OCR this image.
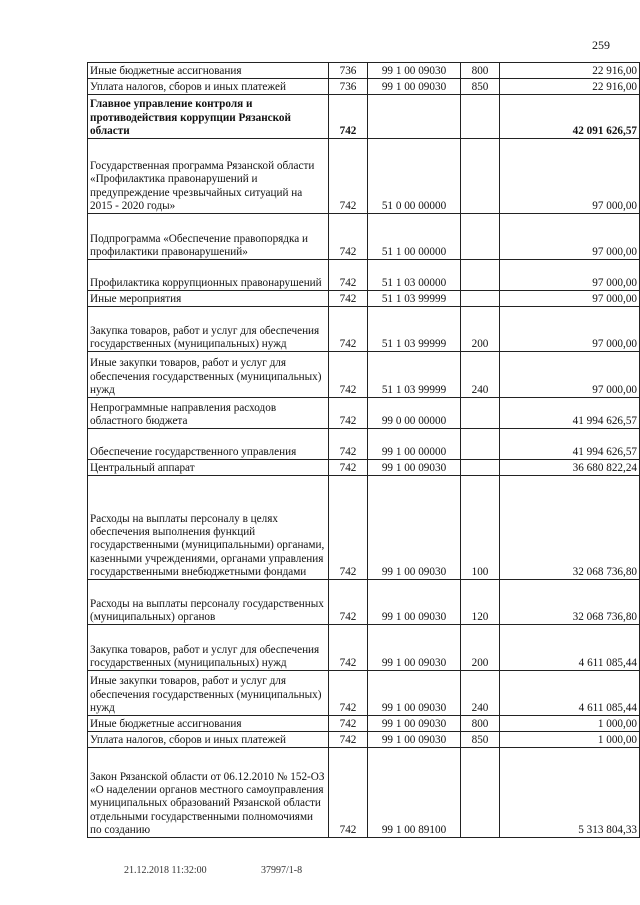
259
Иные бюджетные ассигнования	736	99 1 00 09030	800	22 916,00
Уплата налогов, сборов и иных платежей	736	99 1 00 09030	850	22 916,00
Главное управление контроля и противодействия коррупции Рязанской области	742			42 091 626,57
Государственная программа Рязанской области «Профилактика правонарушений и предупреждение чрезвычайных ситуаций на 2015 - 2020 годы»	742	51 0 00 00000		97 000,00
Подпрограмма «Обеспечение правопорядка и профилактики правонарушений»	742	51 1 00 00000		97 000,00
Профилактика коррупционных правонарушений	742	51 1 03 00000		97 000,00
Иные мероприятия	742	51 1 03 99999		97 000,00
Закупка товаров, работ и услуг для обеспечения государственных (муниципальных) нужд	742	51 1 03 99999	200	97 000,00
Иные закупки товаров, работ и услуг для обеспечения государственных (муниципальных) нужд	742	51 1 03 99999	240	97 000,00
Непрограммные направления расходов областного бюджета	742	99 0 00 00000		41 994 626,57
Обеспечение государственного управления	742	99 1 00 00000		41 994 626,57
Центральный аппарат	742	99 1 00 09030		36 680 822,24
Расходы на выплаты персоналу в целях обеспечения выполнения функций государственными (муниципальными) органами, казенными учреждениями, органами управления государственными внебюджетными фондами	742	99 1 00 09030	100	32 068 736,80
Расходы на выплаты персоналу государственных (муниципальных) органов	742	99 1 00 09030	120	32 068 736,80
Закупка товаров, работ и услуг для обеспечения государственных (муниципальных) нужд	742	99 1 00 09030	200	4 611 085,44
Иные закупки товаров, работ и услуг для обеспечения государственных (муниципальных) нужд	742	99 1 00 09030	240	4 611 085,44
Иные бюджетные ассигнования	742	99 1 00 09030	800	1 000,00
Уплата налогов, сборов и иных платежей	742	99 1 00 09030	850	1 000,00
Закон Рязанской области от 06.12.2010 № 152-ОЗ «О наделении органов местного самоуправления муниципальных образований Рязанской области отдельными государственными полномочиями по созданию	742	99 1 00 89100		5 313 804,33
21.12.2018 11:32:00	37997/1-8
